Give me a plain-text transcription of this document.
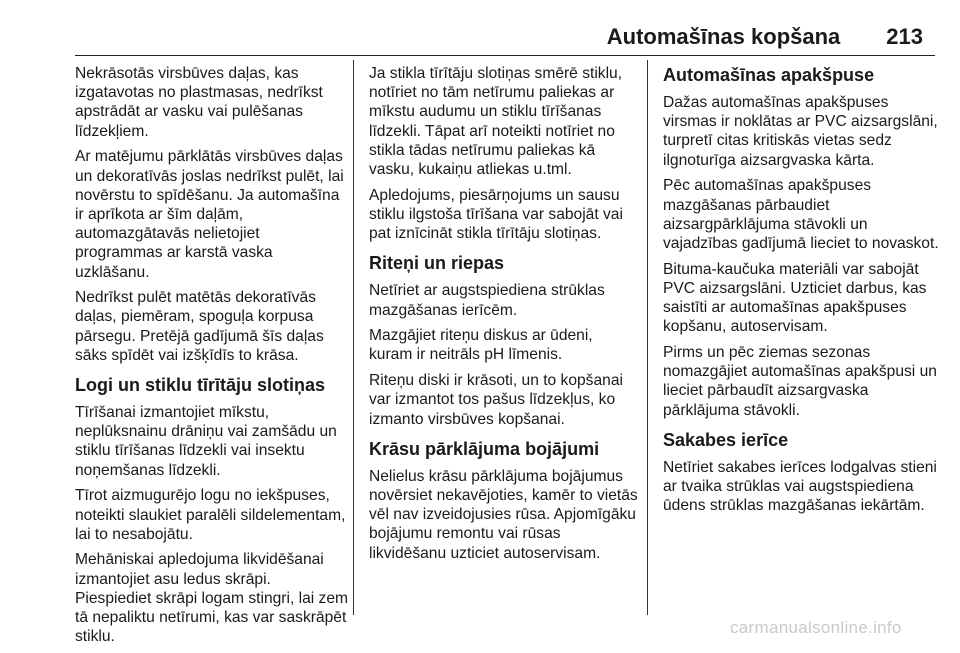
Automašīnas kopšana 213

Nekrāsotās virsbūves daļas, kas izgatavotas no plastmasas, nedrīkst apstrādāt ar vasku vai pulēšanas līdzekļiem.

Ar matējumu pārklātās virsbūves daļas un dekoratīvās joslas nedrīkst pulēt, lai novērstu to spīdēšanu. Ja automašīna ir aprīkota ar šīm daļām, automazgātavās nelietojiet programmas ar karstā vaska uzklāšanu.

Nedrīkst pulēt matētās dekoratīvās daļas, piemēram, spoguļa korpusa pārsegu. Pretējā gadījumā šīs daļas sāks spīdēt vai izšķīdīs to krāsa.

Logi un stiklu tīrītāju slotiņas

Tīrīšanai izmantojiet mīkstu, neplūksnainu drāniņu vai zamšādu un stiklu tīrīšanas līdzekli vai insektu noņemšanas līdzekli.

Tīrot aizmugurējo logu no iekšpuses, noteikti slaukiet paralēli sildelementam, lai to nesabojātu.

Mehāniskai apledojuma likvidēšanai izmantojiet asu ledus skrāpi. Piespiediet skrāpi logam stingri, lai zem tā nepaliktu netīrumi, kas var saskrāpēt stiklu.

Ja stikla tīrītāju slotiņas smērē stiklu, notīriet no tām netīrumu paliekas ar mīkstu audumu un stiklu tīrīšanas līdzekli. Tāpat arī noteikti notīriet no stikla tādas netīrumu paliekas kā vasku, kukaiņu atliekas u.tml.

Apledojums, piesārņojums un sausu stiklu ilgstoša tīrīšana var sabojāt vai pat iznīcināt stikla tīrītāju slotiņas.

Riteņi un riepas

Netīriet ar augstspiediena strūklas mazgāšanas ierīcēm.

Mazgājiet riteņu diskus ar ūdeni, kuram ir neitrāls pH līmenis.

Riteņu diski ir krāsoti, un to kopšanai var izmantot tos pašus līdzekļus, ko izmanto virsbūves kopšanai.

Krāsu pārklājuma bojājumi

Nelielus krāsu pārklājuma bojājumus novērsiet nekavējoties, kamēr to vietās vēl nav izveidojusies rūsa. Apjomīgāku bojājumu remontu vai rūsas likvidēšanu uzticiet autoservisam.

Automašīnas apakšpuse

Dažas automašīnas apakšpuses virsmas ir noklātas ar PVC aizsargslāni, turpretī citas kritiskās vietas sedz ilgnoturīga aizsargvaska kārta.

Pēc automašīnas apakšpuses mazgāšanas pārbaudiet aizsargpārklājuma stāvokli un vajadzības gadījumā lieciet to novaskot.

Bituma-kaučuka materiāli var sabojāt PVC aizsargslāni. Uzticiet darbus, kas saistīti ar automašīnas apakšpuses kopšanu, autoservisam.

Pirms un pēc ziemas sezonas nomazgājiet automašīnas apakšpusi un lieciet pārbaudīt aizsargvaska pārklājuma stāvokli.

Sakabes ierīce

Netīriet sakabes ierīces lodgalvas stieni ar tvaika strūklas vai augstspiediena ūdens strūklas mazgāšanas iekārtām.

carmanualsonline.info
